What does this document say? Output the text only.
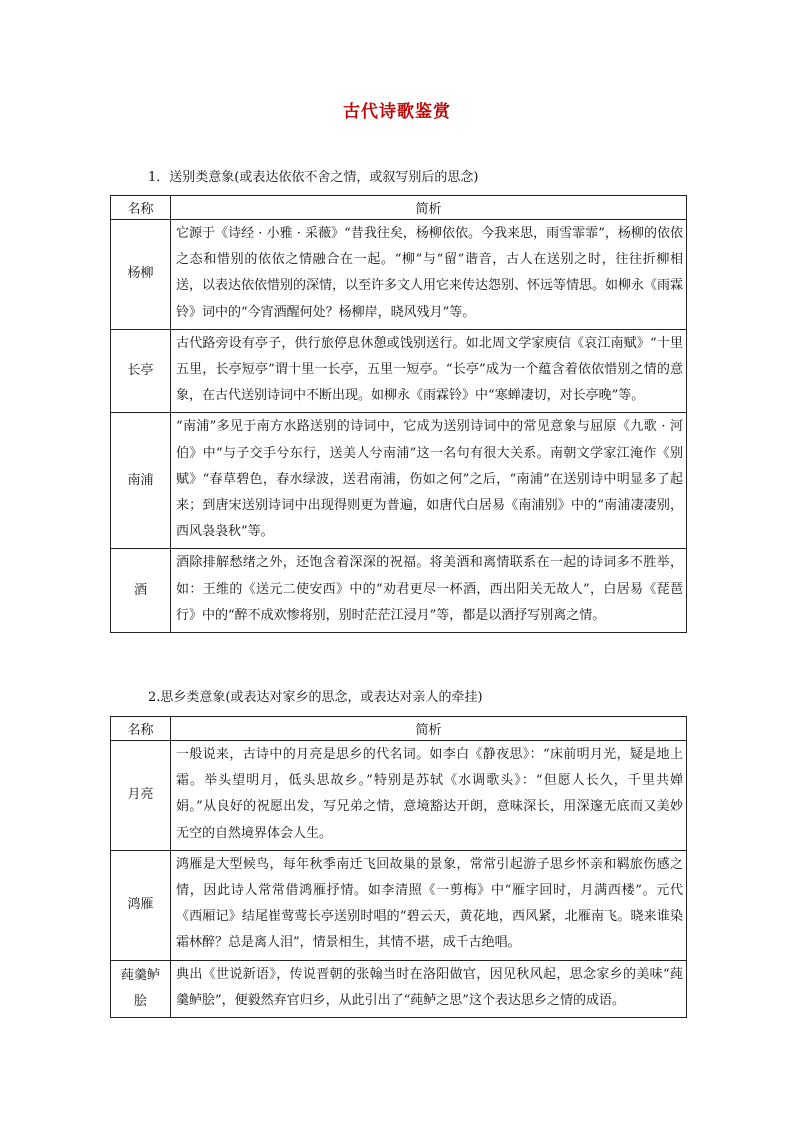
古代诗歌鉴赏
1．送别类意象(或表达依依不舍之情，或叙写别后的思念)
名称	简析
杨柳	它源于《诗经 · 小雅 · 采薇》“昔我往矣，杨柳依依。今我来思，雨雪霏霏”，杨柳的依依之态和惜别的依依之情融合在一起。“柳”与“留”谐音，古人在送别之时，往往折柳相送，以表达依依惜别的深情，以至许多文人用它来传达怨别、怀远等情思。如柳永《雨霖铃》词中的“今宵酒醒何处？杨柳岸，晓风残月”等。
长亭	古代路旁设有亭子，供行旅停息休憩或饯别送行。如北周文学家庾信《哀江南赋》“十里五里，长亭短亭”谓十里一长亭，五里一短亭。“长亭”成为一个蕴含着依依惜别之情的意象，在古代送别诗词中不断出现。如柳永《雨霖铃》中“寒蝉凄切，对长亭晚”等。
南浦	“南浦”多见于南方水路送别的诗词中，它成为送别诗词中的常见意象与屈原《九歌 · 河伯》中“与子交手兮东行，送美人兮南浦”这一名句有很大关系。南朝文学家江淹作《别赋》“春草碧色，春水绿波，送君南浦，伤如之何”之后，“南浦”在送别诗中明显多了起来；到唐宋送别诗词中出现得则更为普遍，如唐代白居易《南浦别》中的“南浦凄凄别，西风袅袅秋”等。
酒	酒除排解愁绪之外，还饱含着深深的祝福。将美酒和离情联系在一起的诗词多不胜举，如：王维的《送元二使安西》中的“劝君更尽一杯酒，西出阳关无故人”，白居易《琵琶行》中的“醉不成欢惨将别，别时茫茫江浸月”等，都是以酒抒写别离之情。
2.思乡类意象(或表达对家乡的思念，或表达对亲人的牵挂)
名称	简析
月亮	一般说来，古诗中的月亮是思乡的代名词。如李白《静夜思》：“床前明月光，疑是地上霜。举头望明月，低头思故乡。”特别是苏轼《水调歌头》：“但愿人长久，千里共婵娟。”从良好的祝愿出发，写兄弟之情，意境豁达开朗，意味深长，用深邃无底而又美妙无空的自然境界体会人生。
鸿雁	鸿雁是大型候鸟，每年秋季南迁飞回故巢的景象，常常引起游子思乡怀亲和羁旅伤感之情，因此诗人常常借鸿雁抒情。如李清照《一剪梅》中“雁字回时，月满西楼”。元代《西厢记》结尾崔莺莺长亭送别时唱的“碧云天，黄花地，西风紧，北雁南飞。晓来谁染霜林醉？总是离人泪”，情景相生，其情不堪，成千古绝唱。
莼羹鲈脍	典出《世说新语》，传说晋朝的张翰当时在洛阳做官，因见秋风起，思念家乡的美味“莼羹鲈脍”，便毅然弃官归乡，从此引出了“莼鲈之思”这个表达思乡之情的成语。
